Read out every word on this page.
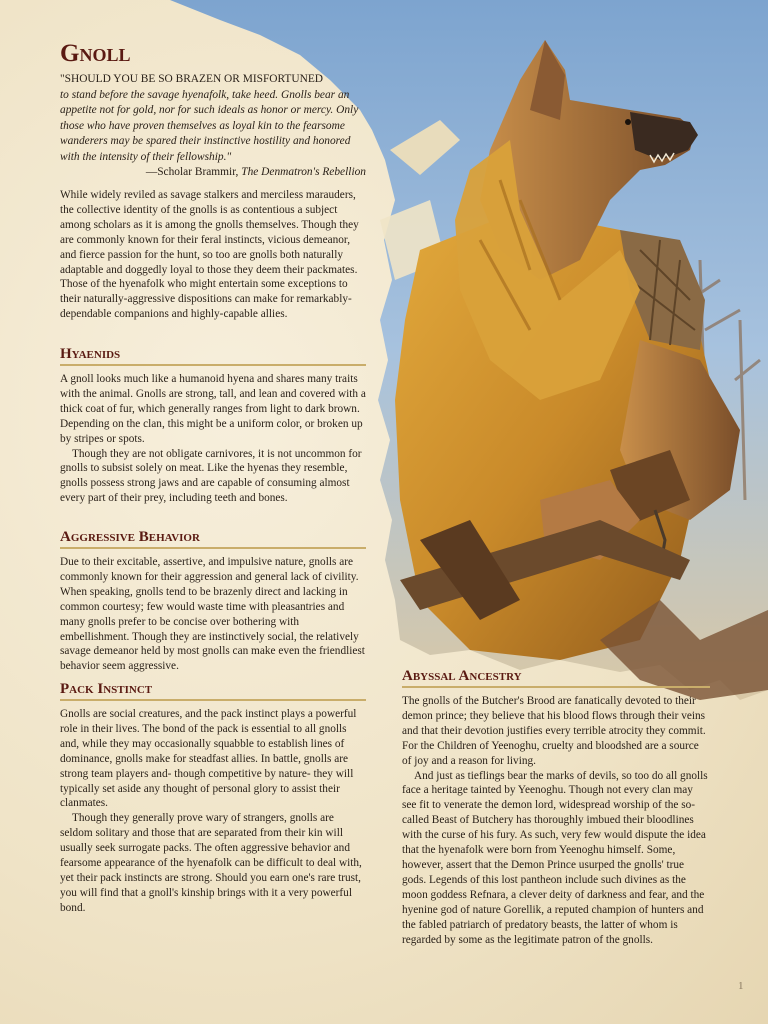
Gnoll
"SHOULD YOU BE SO BRAZEN OR MISFORTUNED
to stand before the savage hyenafolk, take heed. Gnolls bear an appetite not for gold, nor for such ideals as honor or mercy. Only those who have proven themselves as loyal kin to the fearsome wanderers may be spared their instinctive hostility and honored with the intensity of their fellowship."
—Scholar Brammir, The Denmatron's Rebellion

While widely reviled as savage stalkers and merciless marauders, the collective identity of the gnolls is as contentious a subject among scholars as it is among the gnolls themselves. Though they are commonly known for their feral instincts, vicious demeanor, and fierce passion for the hunt, so too are gnolls both naturally adaptable and doggedly loyal to those they deem their packmates. Those of the hyenafolk who might entertain some exceptions to their naturally-aggressive dispositions can make for remarkably-dependable companions and highly-capable allies.

Hyaenids

A gnoll looks much like a humanoid hyena and shares many traits with the animal. Gnolls are strong, tall, and lean and covered with a thick coat of fur, which generally ranges from light to dark brown. Depending on the clan, this might be a uniform color, or broken up by stripes or spots.

Though they are not obligate carnivores, it is not uncommon for gnolls to subsist solely on meat. Like the hyenas they resemble, gnolls possess strong jaws and are capable of consuming almost every part of their prey, including teeth and bones.

Aggressive Behavior

Due to their excitable, assertive, and impulsive nature, gnolls are commonly known for their aggression and general lack of civility. When speaking, gnolls tend to be brazenly direct and lacking in common courtesy; few would waste time with pleasantries and many gnolls prefer to be concise over bothering with embellishment. Though they are instinctively social, the relatively savage demeanor held by most gnolls can make even the friendliest behavior seem aggressive.

Pack Instinct

Gnolls are social creatures, and the pack instinct plays a powerful role in their lives. The bond of the pack is essential to all gnolls and, while they may occasionally squabble to establish lines of dominance, gnolls make for steadfast allies. In battle, gnolls are strong team players and- though competitive by nature- they will typically set aside any thought of personal glory to assist their clanmates.

Though they generally prove wary of strangers, gnolls are seldom solitary and those that are separated from their kin will usually seek surrogate packs. The often aggressive behavior and fearsome appearance of the hyenafolk can be difficult to deal with, yet their pack instincts are strong. Should you earn one's rare trust, you will find that a gnoll's kinship brings with it a very powerful bond.

Abyssal Ancestry

The gnolls of the Butcher's Brood are fanatically devoted to their demon prince; they believe that his blood flows through their veins and that their devotion justifies every terrible atrocity they commit. For the Children of Yeenoghu, cruelty and bloodshed are a source of joy and a reason for living.

And just as tieflings bear the marks of devils, so too do all gnolls face a heritage tainted by Yeenoghu. Though not every clan may see fit to venerate the demon lord, widespread worship of the so-called Beast of Butchery has thoroughly imbued their bloodlines with the curse of his fury. As such, very few would dispute the idea that the hyenafolk were born from Yeenoghu himself. Some, however, assert that the Demon Prince usurped the gnolls' true gods. Legends of this lost pantheon include such divines as the moon goddess Refnara, a clever deity of darkness and fear, and the hyenine god of nature Gorellik, a reputed champion of hunters and the fabled patriarch of predatory beasts, the latter of whom is regarded by some as the legitimate patron of the gnolls.

1
